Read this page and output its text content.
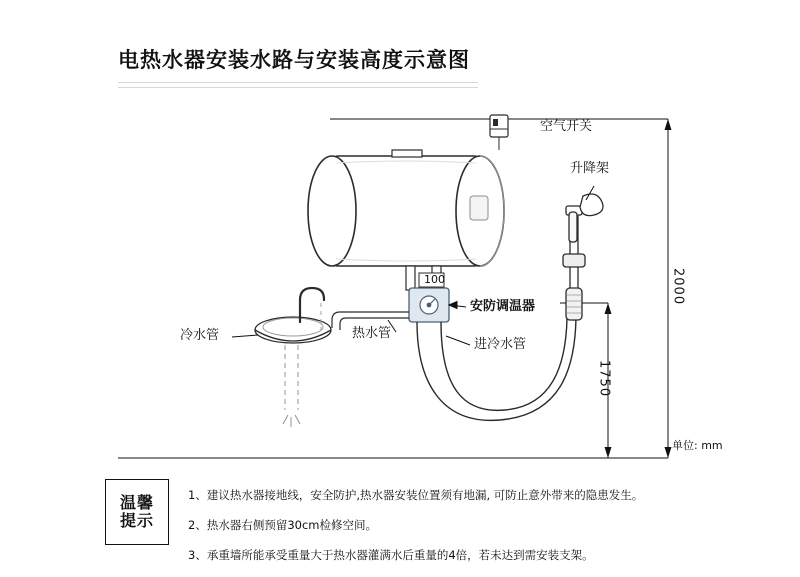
电热水器安装水路与安装高度示意图
空气开关
升降架
安防调温器
冷水管	热水管
进冷水管
100	2000
1750
单位: mm
温馨
提示
1、建议热水器接地线，安全防护,热水器安装位置须有地漏, 可防止意外带来的隐患发生。
2、热水器右侧预留30cm检修空间。
3、承重墙所能承受重量大于热水器灌满水后重量的4倍，若未达到需安装支架。
